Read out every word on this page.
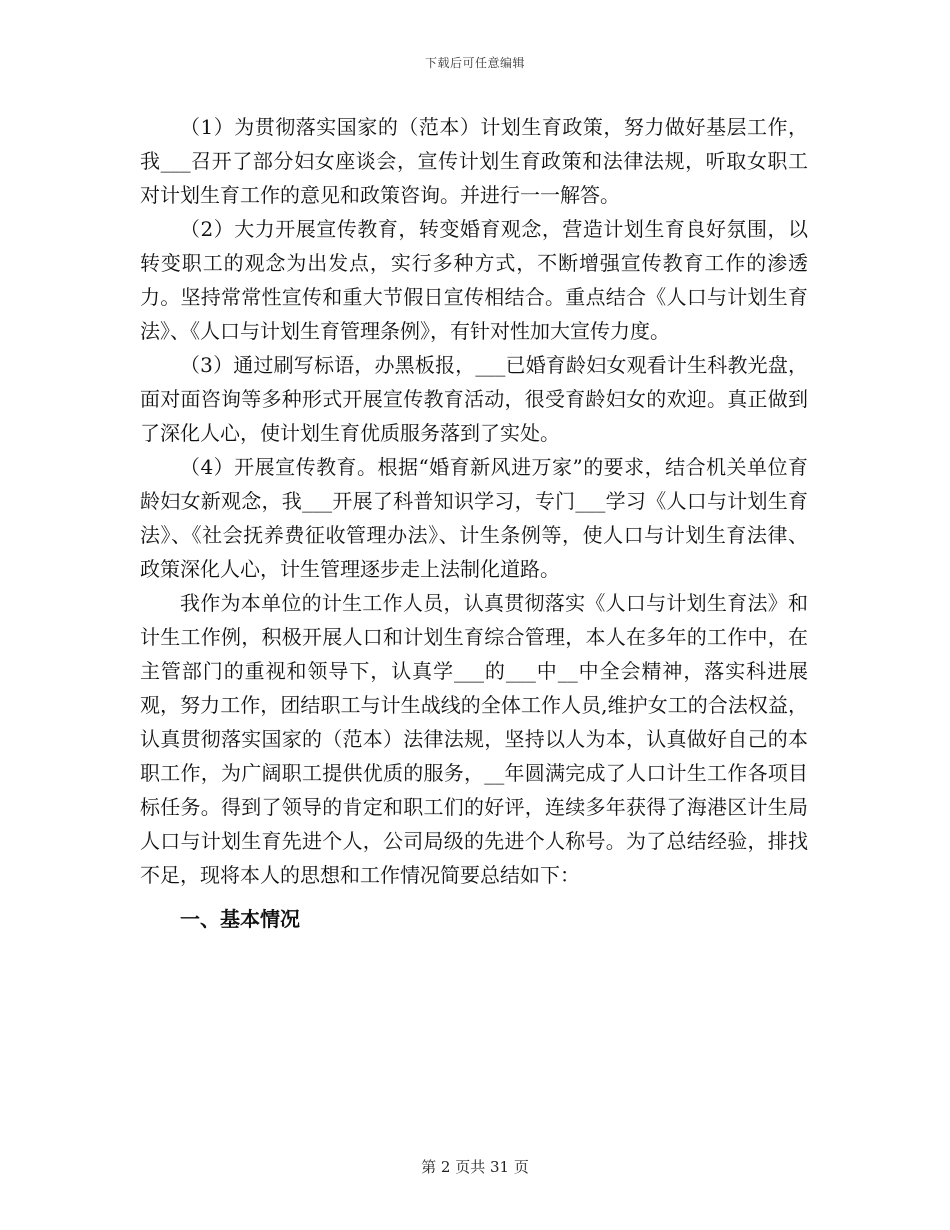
下载后可任意编辑

（1）为贯彻落实国家的（范本）计划生育政策，努力做好基层工作，我___召开了部分妇女座谈会，宣传计划生育政策和法律法规，听取女职工对计划生育工作的意见和政策咨询。并进行一一解答。

（2）大力开展宣传教育，转变婚育观念，营造计划生育良好氛围，以转变职工的观念为出发点，实行多种方式，不断增强宣传教育工作的渗透力。坚持常常性宣传和重大节假日宣传相结合。重点结合《人口与计划生育法》、《人口与计划生育管理条例》，有针对性加大宣传力度。

（3）通过刷写标语，办黑板报，___已婚育龄妇女观看计生科教光盘，面对面咨询等多种形式开展宣传教育活动，很受育龄妇女的欢迎。真正做到了深化人心，使计划生育优质服务落到了实处。

（4）开展宣传教育。根据“婚育新风进万家”的要求，结合机关单位育龄妇女新观念，我___开展了科普知识学习，专门___学习《人口与计划生育法》、《社会抚养费征收管理办法》、计生条例等，使人口与计划生育法律、政策深化人心，计生管理逐步走上法制化道路。

我作为本单位的计生工作人员，认真贯彻落实《人口与计划生育法》和计生工作例，积极开展人口和计划生育综合管理，本人在多年的工作中，在主管部门的重视和领导下，认真学___的___中__中全会精神，落实科进展观，努力工作，团结职工与计生战线的全体工作人员,维护女工的合法权益，认真贯彻落实国家的（范本）法律法规，坚持以人为本，认真做好自己的本职工作，为广阔职工提供优质的服务，__年圆满完成了人口计生工作各项目标任务。得到了领导的肯定和职工们的好评，连续多年获得了海港区计生局人口与计划生育先进个人，公司局级的先进个人称号。为了总结经验，排找不足，现将本人的思想和工作情况简要总结如下：

一、基本情况

第 2 页共 31 页
